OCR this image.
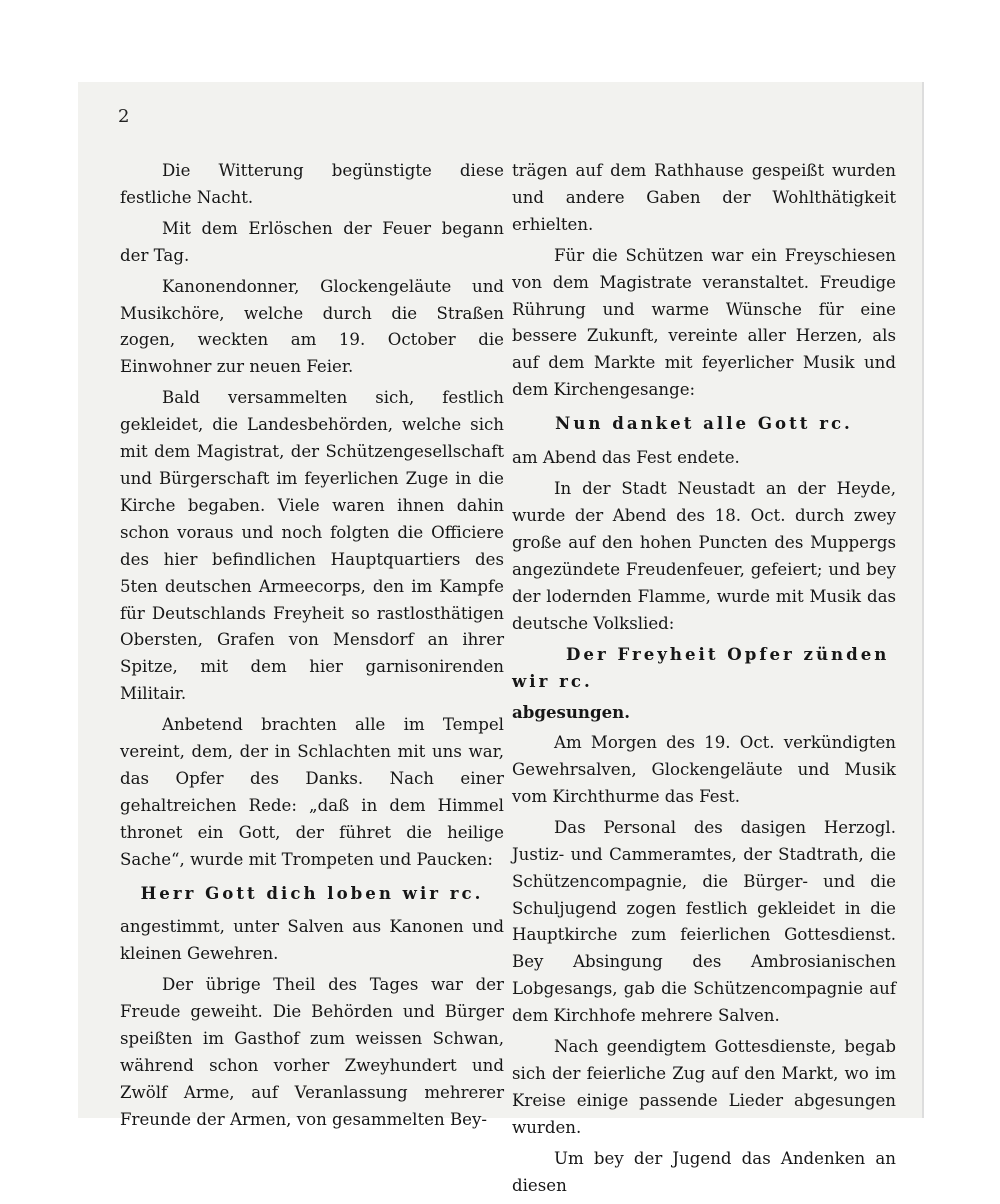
2

Die Witterung begünstigte diese festliche Nacht.

Mit dem Erlöschen der Feuer begann der Tag.

Kanonendonner, Glockengeläute und Musikchöre, welche durch die Straßen zogen, weckten am 19. October die Einwohner zur neuen Feier.

Bald versammelten sich, festlich gekleidet, die Landesbehörden, welche sich mit dem Magistrat, der Schützengesellschaft und Bürgerschaft im feyerlichen Zuge in die Kirche begaben. Viele waren ihnen dahin schon voraus und noch folgten die Officiere des hier befindlichen Hauptquartiers des 5ten deutschen Armeecorps, den im Kampfe für Deutschlands Freyheit so rastlosthätigen Obersten, Grafen von Mensdorf an ihrer Spitze, mit dem hier garnisonirenden Militair.

Anbetend brachten alle im Tempel vereint, dem, der in Schlachten mit uns war, das Opfer des Danks. Nach einer gehaltreichen Rede: „daß in dem Himmel thronet ein Gott, der führet die heilige Sache“, wurde mit Trompeten und Paucken:

Herr Gott dich loben wir rc.

angestimmt, unter Salven aus Kanonen und kleinen Gewehren.

Der übrige Theil des Tages war der Freude geweiht. Die Behörden und Bürger speißten im Gasthof zum weissen Schwan, während schon vorher Zweyhundert und Zwölf Arme, auf Veranlassung mehrerer Freunde der Armen, von gesammelten Bey-

trägen auf dem Rathhause gespeißt wurden und andere Gaben der Wohlthätigkeit erhielten.

Für die Schützen war ein Freyschiesen von dem Magistrate veranstaltet. Freudige Rührung und warme Wünsche für eine bessere Zukunft, vereinte aller Herzen, als auf dem Markte mit feyerlicher Musik und dem Kirchengesange:

Nun danket alle Gott rc.

am Abend das Fest endete.

In der Stadt Neustadt an der Heyde, wurde der Abend des 18. Oct. durch zwey große auf den hohen Puncten des Muppergs angezündete Freudenfeuer, gefeiert; und bey der lodernden Flamme, wurde mit Musik das deutsche Volkslied:

Der Freyheit Opfer zünden wir rc.

abgesungen.

Am Morgen des 19. Oct. verkündigten Gewehrsalven, Glockengeläute und Musik vom Kirchthurme das Fest.

Das Personal des dasigen Herzogl. Justiz- und Cammeramtes, der Stadtrath, die Schützencompagnie, die Bürger- und die Schuljugend zogen festlich gekleidet in die Hauptkirche zum feierlichen Gottesdienst. Bey Absingung des Ambrosianischen Lobgesangs, gab die Schützencompagnie auf dem Kirchhofe mehrere Salven.

Nach geendigtem Gottesdienste, begab sich der feierliche Zug auf den Markt, wo im Kreise einige passende Lieder abgesungen wurden.

Um bey der Jugend das Andenken an diesen
